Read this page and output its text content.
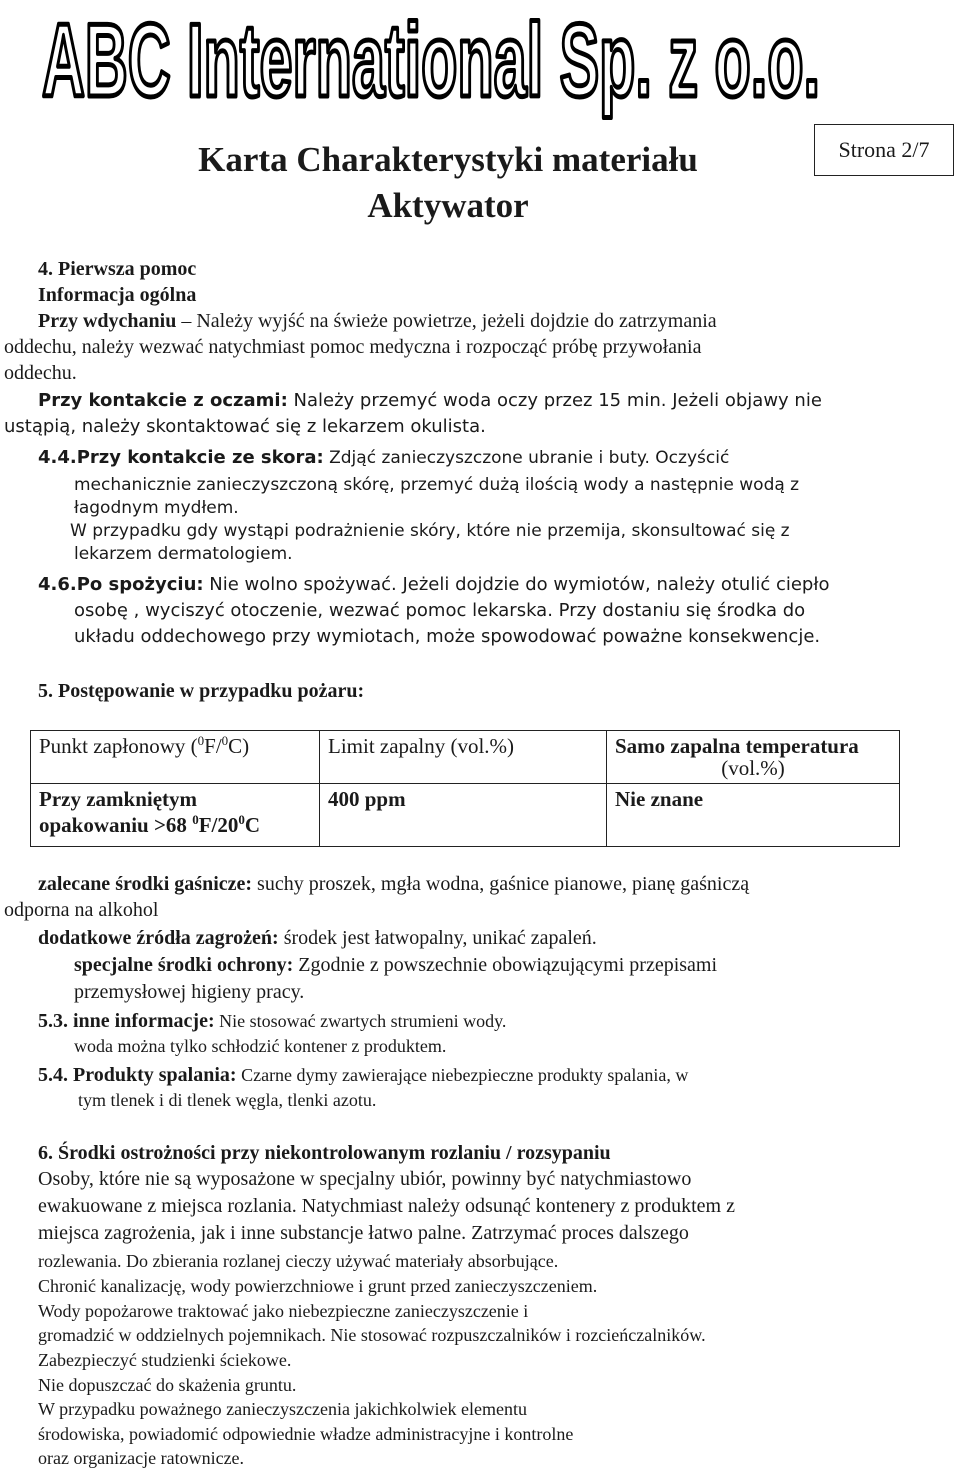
ABC International Sp. z o.o.
Karta Charakterystyki materiału
Aktywator
Strona 2/7
4. Pierwsza pomoc
Informacja ogólna
Przy wdychaniu – Należy wyjść na świeże powietrze, jeżeli dojdzie do zatrzymania
oddechu, należy wezwać natychmiast pomoc medyczna i rozpocząć próbę przywołania
oddechu.
Przy kontakcie z oczami: Należy przemyć woda oczy przez 15 min. Jeżeli objawy nie
ustąpią, należy skontaktować się z lekarzem okulista.
4.4.Przy kontakcie ze skora: Zdjąć zanieczyszczone ubranie i buty. Oczyścić
mechanicznie zanieczyszczoną skórę, przemyć dużą ilością wody a następnie wodą z
łagodnym mydłem.
W przypadku gdy wystąpi podrażnienie skóry, które nie przemija, skonsultować się z
lekarzem dermatologiem.
4.6.Po spożyciu: Nie wolno spożywać. Jeżeli dojdzie do wymiotów, należy otulić ciepło
osobę , wyciszyć otoczenie, wezwać pomoc lekarska. Przy dostaniu się środka do
układu oddechowego przy wymiotach, może spowodować poważne konsekwencje.
5. Postępowanie w przypadku pożaru:
Punkt zapłonowy ($^0$F/$^0$C)	Limit zapalny (vol.%)	Samo zapalna temperatura
(vol.%)

Przy zamkniętym
opakowaniu >68 $^0F/20^0C$	400 ppm	Nie znane
zalecane środki gaśnicze: suchy proszek, mgła wodna, gaśnice pianowe, pianę gaśniczą
odporna na alkohol
dodatkowe źródła zagrożeń: środek jest łatwopalny, unikać zapaleń.
specjalne środki ochrony: Zgodnie z powszechnie obowiązującymi przepisami
przemysłowej higieny pracy.
5.3. inne informacje: Nie stosować zwartych strumieni wody.
woda można tylko schłodzić kontener z produktem.
5.4. Produkty spalania: Czarne dymy zawierające niebezpieczne produkty spalania, w
tym tlenek i di tlenek węgla, tlenki azotu.
6. Środki ostrożności przy niekontrolowanym rozlaniu / rozsypaniu
Osoby, które nie są wyposażone w specjalny ubiór, powinny być natychmiastowo
ewakuowane z miejsca rozlania. Natychmiast należy odsunąć kontenery z produktem z
miejsca zagrożenia, jak i inne substancje łatwo palne. Zatrzymać proces dalszego
rozlewania. Do zbierania rozlanej cieczy używać materiały absorbujące.
Chronić kanalizację, wody powierzchniowe i grunt przed zanieczyszczeniem.
Wody popożarowe traktować jako niebezpieczne zanieczyszczenie i
gromadzić w oddzielnych pojemnikach. Nie stosować rozpuszczalników i rozcieńczalników.
Zabezpieczyć studzienki ściekowe.
Nie dopuszczać do skażenia gruntu.
W przypadku poważnego zanieczyszczenia jakichkolwiek elementu
środowiska, powiadomić odpowiednie władze administracyjne i kontrolne
oraz organizacje ratownicze.
